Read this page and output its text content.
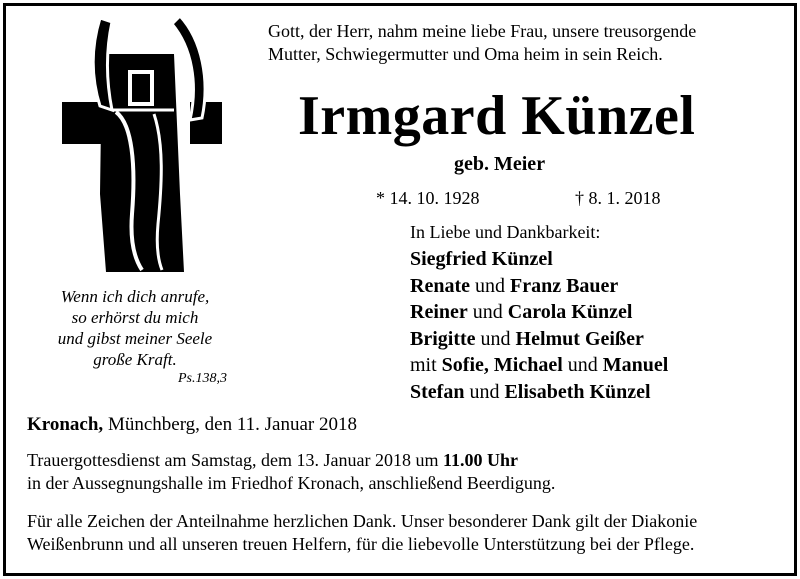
Gott, der Herr, nahm meine liebe Frau, unsere treusorgende
Mutter, Schwiegermutter und Oma heim in sein Reich.
Irmgard Künzel
geb. Meier
* 14. 10. 1928	† 8. 1. 2018
In Liebe und Dankbarkeit:
Siegfried Künzel
Renate und Franz Bauer
Reiner und Carola Künzel
Brigitte und Helmut Geißer
mit Sofie, Michael und Manuel
Stefan und Elisabeth Künzel
Wenn ich dich anrufe,
so erhörst du mich
und gibst meiner Seele
große Kraft.
Ps.138,3
Kronach, Münchberg, den 11. Januar 2018
Trauergottesdienst am Samstag, dem 13. Januar 2018 um 11.00 Uhr
in der Aussegnungshalle im Friedhof Kronach, anschließend Beerdigung.
Für alle Zeichen der Anteilnahme herzlichen Dank. Unser besonderer Dank gilt der Diakonie
Weißenbrunn und all unseren treuen Helfern, für die liebevolle Unterstützung bei der Pflege.
